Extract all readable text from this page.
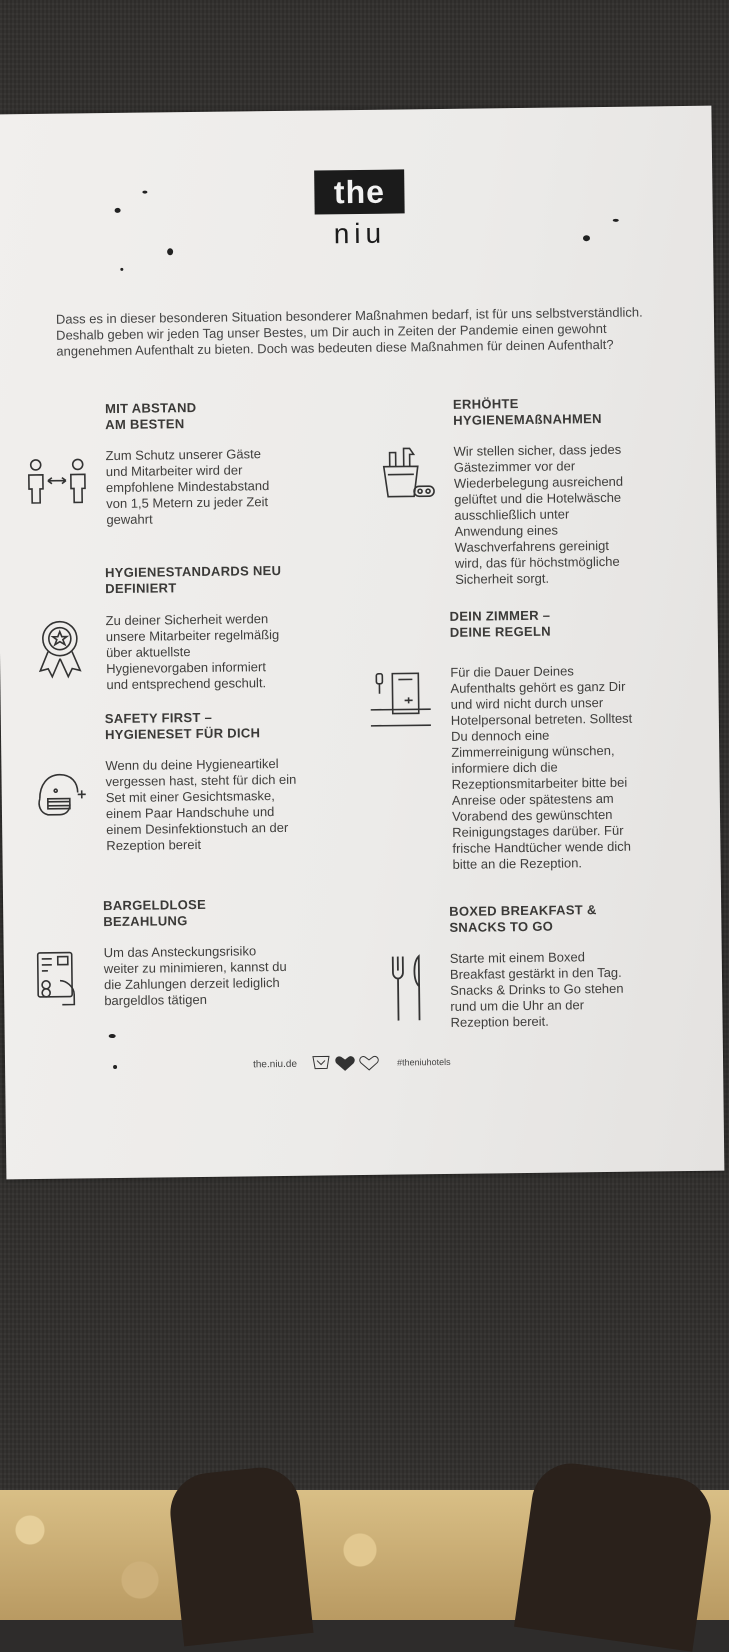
the
niu
Dass es in dieser besonderen Situation besonderer Maßnahmen bedarf, ist für uns selbstverständlich. Deshalb geben wir jeden Tag unser Bestes, um Dir auch in Zeiten der Pandemie einen gewohnt angenehmen Aufenthalt zu bieten. Doch was bedeuten diese Maßnahmen für deinen Aufenthalt?
MIT ABSTAND
AM BESTEN
Zum Schutz unserer Gäste und Mitarbeiter wird der empfohlene Mindestabstand von 1,5 Metern zu jeder Zeit gewahrt
HYGIENESTANDARDS NEU
DEFINIERT
Zu deiner Sicherheit werden unsere Mitarbeiter regelmäßig über aktuellste Hygienevorgaben informiert und entsprechend geschult.
SAFETY FIRST –
HYGIENESET FÜR DICH
Wenn du deine Hygieneartikel vergessen hast, steht für dich ein Set mit einer Gesichtsmaske, einem Paar Handschuhe und einem Desinfektionstuch an der Rezeption bereit
BARGELDLOSE
BEZAHLUNG
Um das Ansteckungsrisiko weiter zu minimieren, kannst du die Zahlungen derzeit lediglich bargeldlos tätigen
ERHÖHTE
HYGIENEMAßNAHMEN
Wir stellen sicher, dass jedes Gästezimmer vor der Wiederbelegung ausreichend gelüftet und die Hotelwäsche ausschließlich unter Anwendung eines Waschverfahrens gereinigt wird, das für höchstmögliche Sicherheit sorgt.
DEIN ZIMMER –
DEINE REGELN
Für die Dauer Deines Aufenthalts gehört es ganz Dir und wird nicht durch unser Hotelpersonal betreten. Solltest Du dennoch eine Zimmerreinigung wünschen, informiere dich die Rezeptionsmitarbeiter bitte bei Anreise oder spätestens am Vorabend des gewünschten Reinigungstages darüber. Für frische Handtücher wende dich bitte an die Rezeption.
BOXED BREAKFAST &
SNACKS TO GO
Starte mit einem Boxed Breakfast gestärkt in den Tag. Snacks & Drinks to Go stehen rund um die Uhr an der Rezeption bereit.
the.niu.de	#theniuhotels
